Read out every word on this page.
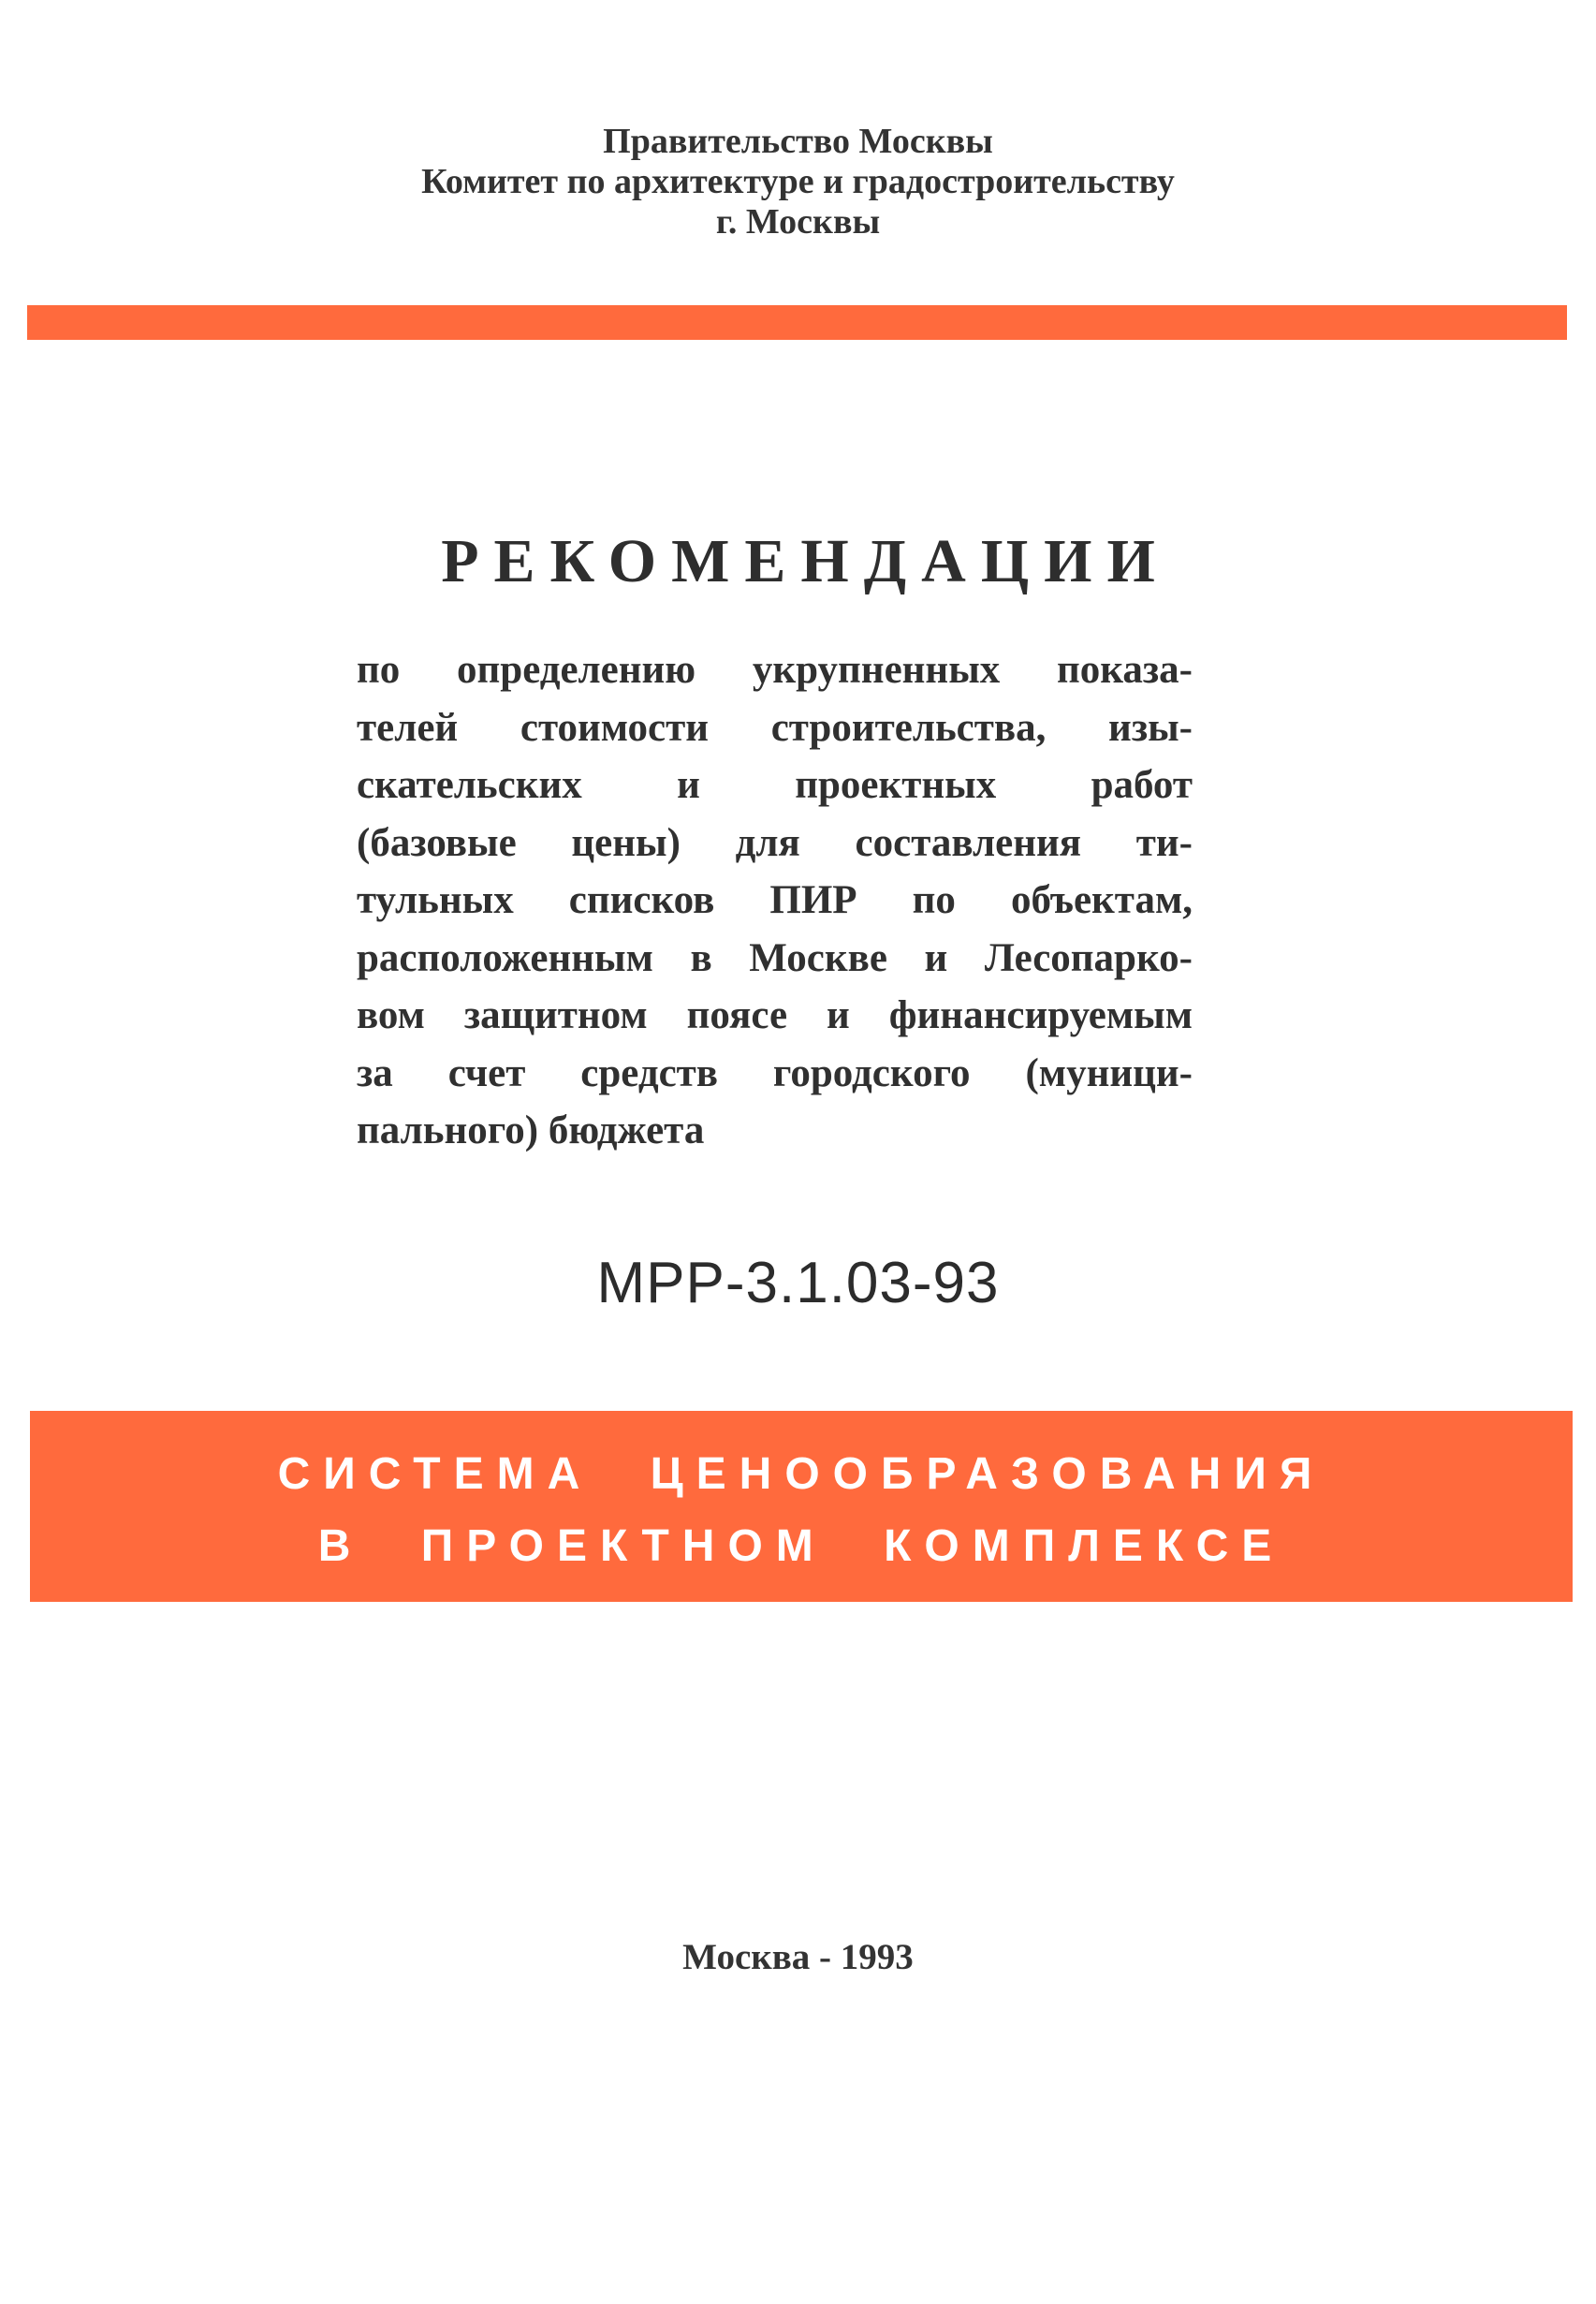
Правительство Москвы
Комитет по архитектуре и градостроительству
г. Москвы
РЕКОМЕНДАЦИИ
по определению укрупненных показа-
телей стоимости строительства, изы-
скательских и проектных работ
(базовые цены) для составления ти-
тульных списков ПИР по объектам,
расположенным в Москве и Лесопарко-
вом защитном поясе и финансируемым
за счет средств городского (муници-
пального) бюджета
МРР-3.1.03-93
СИСТЕМА ЦЕНООБРАЗОВАНИЯ
В ПРОЕКТНОМ КОМПЛЕКСЕ
Москва - 1993
